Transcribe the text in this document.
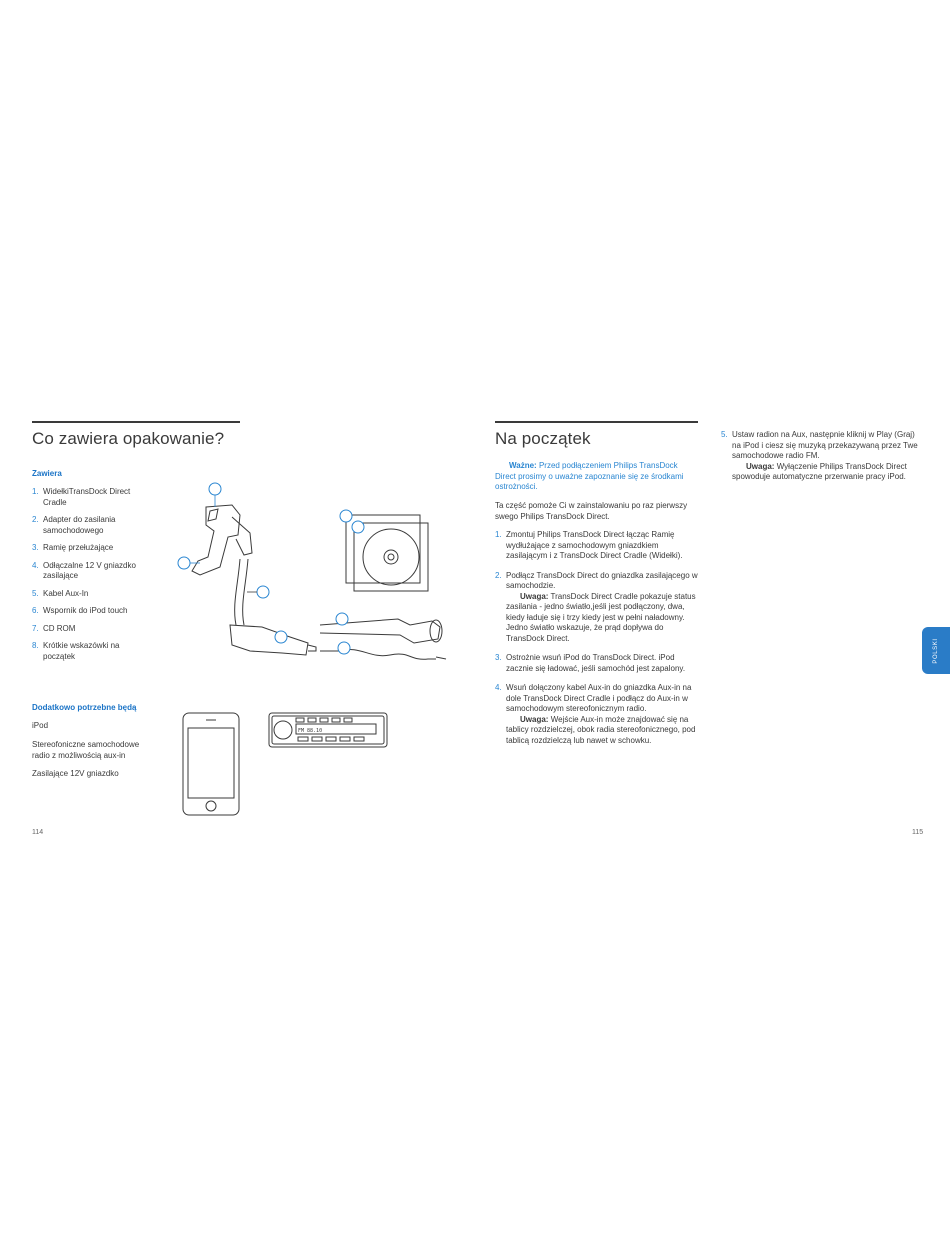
Co zawiera opakowanie?
Zawiera
1. WidełkiTransDock Direct Cradle
2. Adapter do zasilania samochodowego
3. Ramię przełużające
4. Odłączalne 12 V gniazdko zasilające
5. Kabel Aux-In
6. Wspornik do iPod touch
7. CD ROM
8. Krótkie wskazówki na początek
Dodatkowo potrzebne będą
iPod
Stereofoniczne samochodowe radio z możliwością aux-in
Zasilające 12V gniazdko
FM 88.10
114
Na początek
Ważne: Przed podłączeniem Philips TransDock Direct prosimy o uważne zapoznanie się ze środkami ostrożności.
Ta część pomoże Ci w zainstalowaniu po raz pierwszy swego Philips TransDock Direct.
1. Zmontuj Philips TransDock Direct łącząc Ramię wydłużające z samochodowym gniazdkiem zasilającym i z TransDock Direct Cradle (Widełki).
2. Podłącz TransDock Direct do gniazdka zasilającego w samochodzie.
Uwaga: TransDock Direct Cradle pokazuje status zasilania - jedno światło,jeśli jest podłączony, dwa, kiedy ładuje się i trzy kiedy jest w pełni naładowny. Jedno światło wskazuje, że prąd dopływa do TransDock Direct.
3. Ostrożnie wsuń iPod do TransDock Direct. iPod zacznie się ładować, jeśli samochód jest zapalony.
4. Wsuń dołączony kabel Aux-in do gniazdka Aux-in na dole TransDock Direct Cradle i podłącz do Aux-in w samochodowym stereofonicznym radio.
Uwaga: Wejście Aux-in może znajdować się na tablicy rozdzielczej, obok radia stereofonicznego, pod tablicą rozdzielczą lub nawet w schowku.
5. Ustaw radion na Aux, następnie kliknij w Play (Graj) na iPod i ciesz się muzyką przekazywaną przez Twe samochodowe radio FM.
Uwaga: Wyłączenie Philips TransDock Direct spowoduje automatyczne przerwanie pracy iPod.
POLSKI
115
